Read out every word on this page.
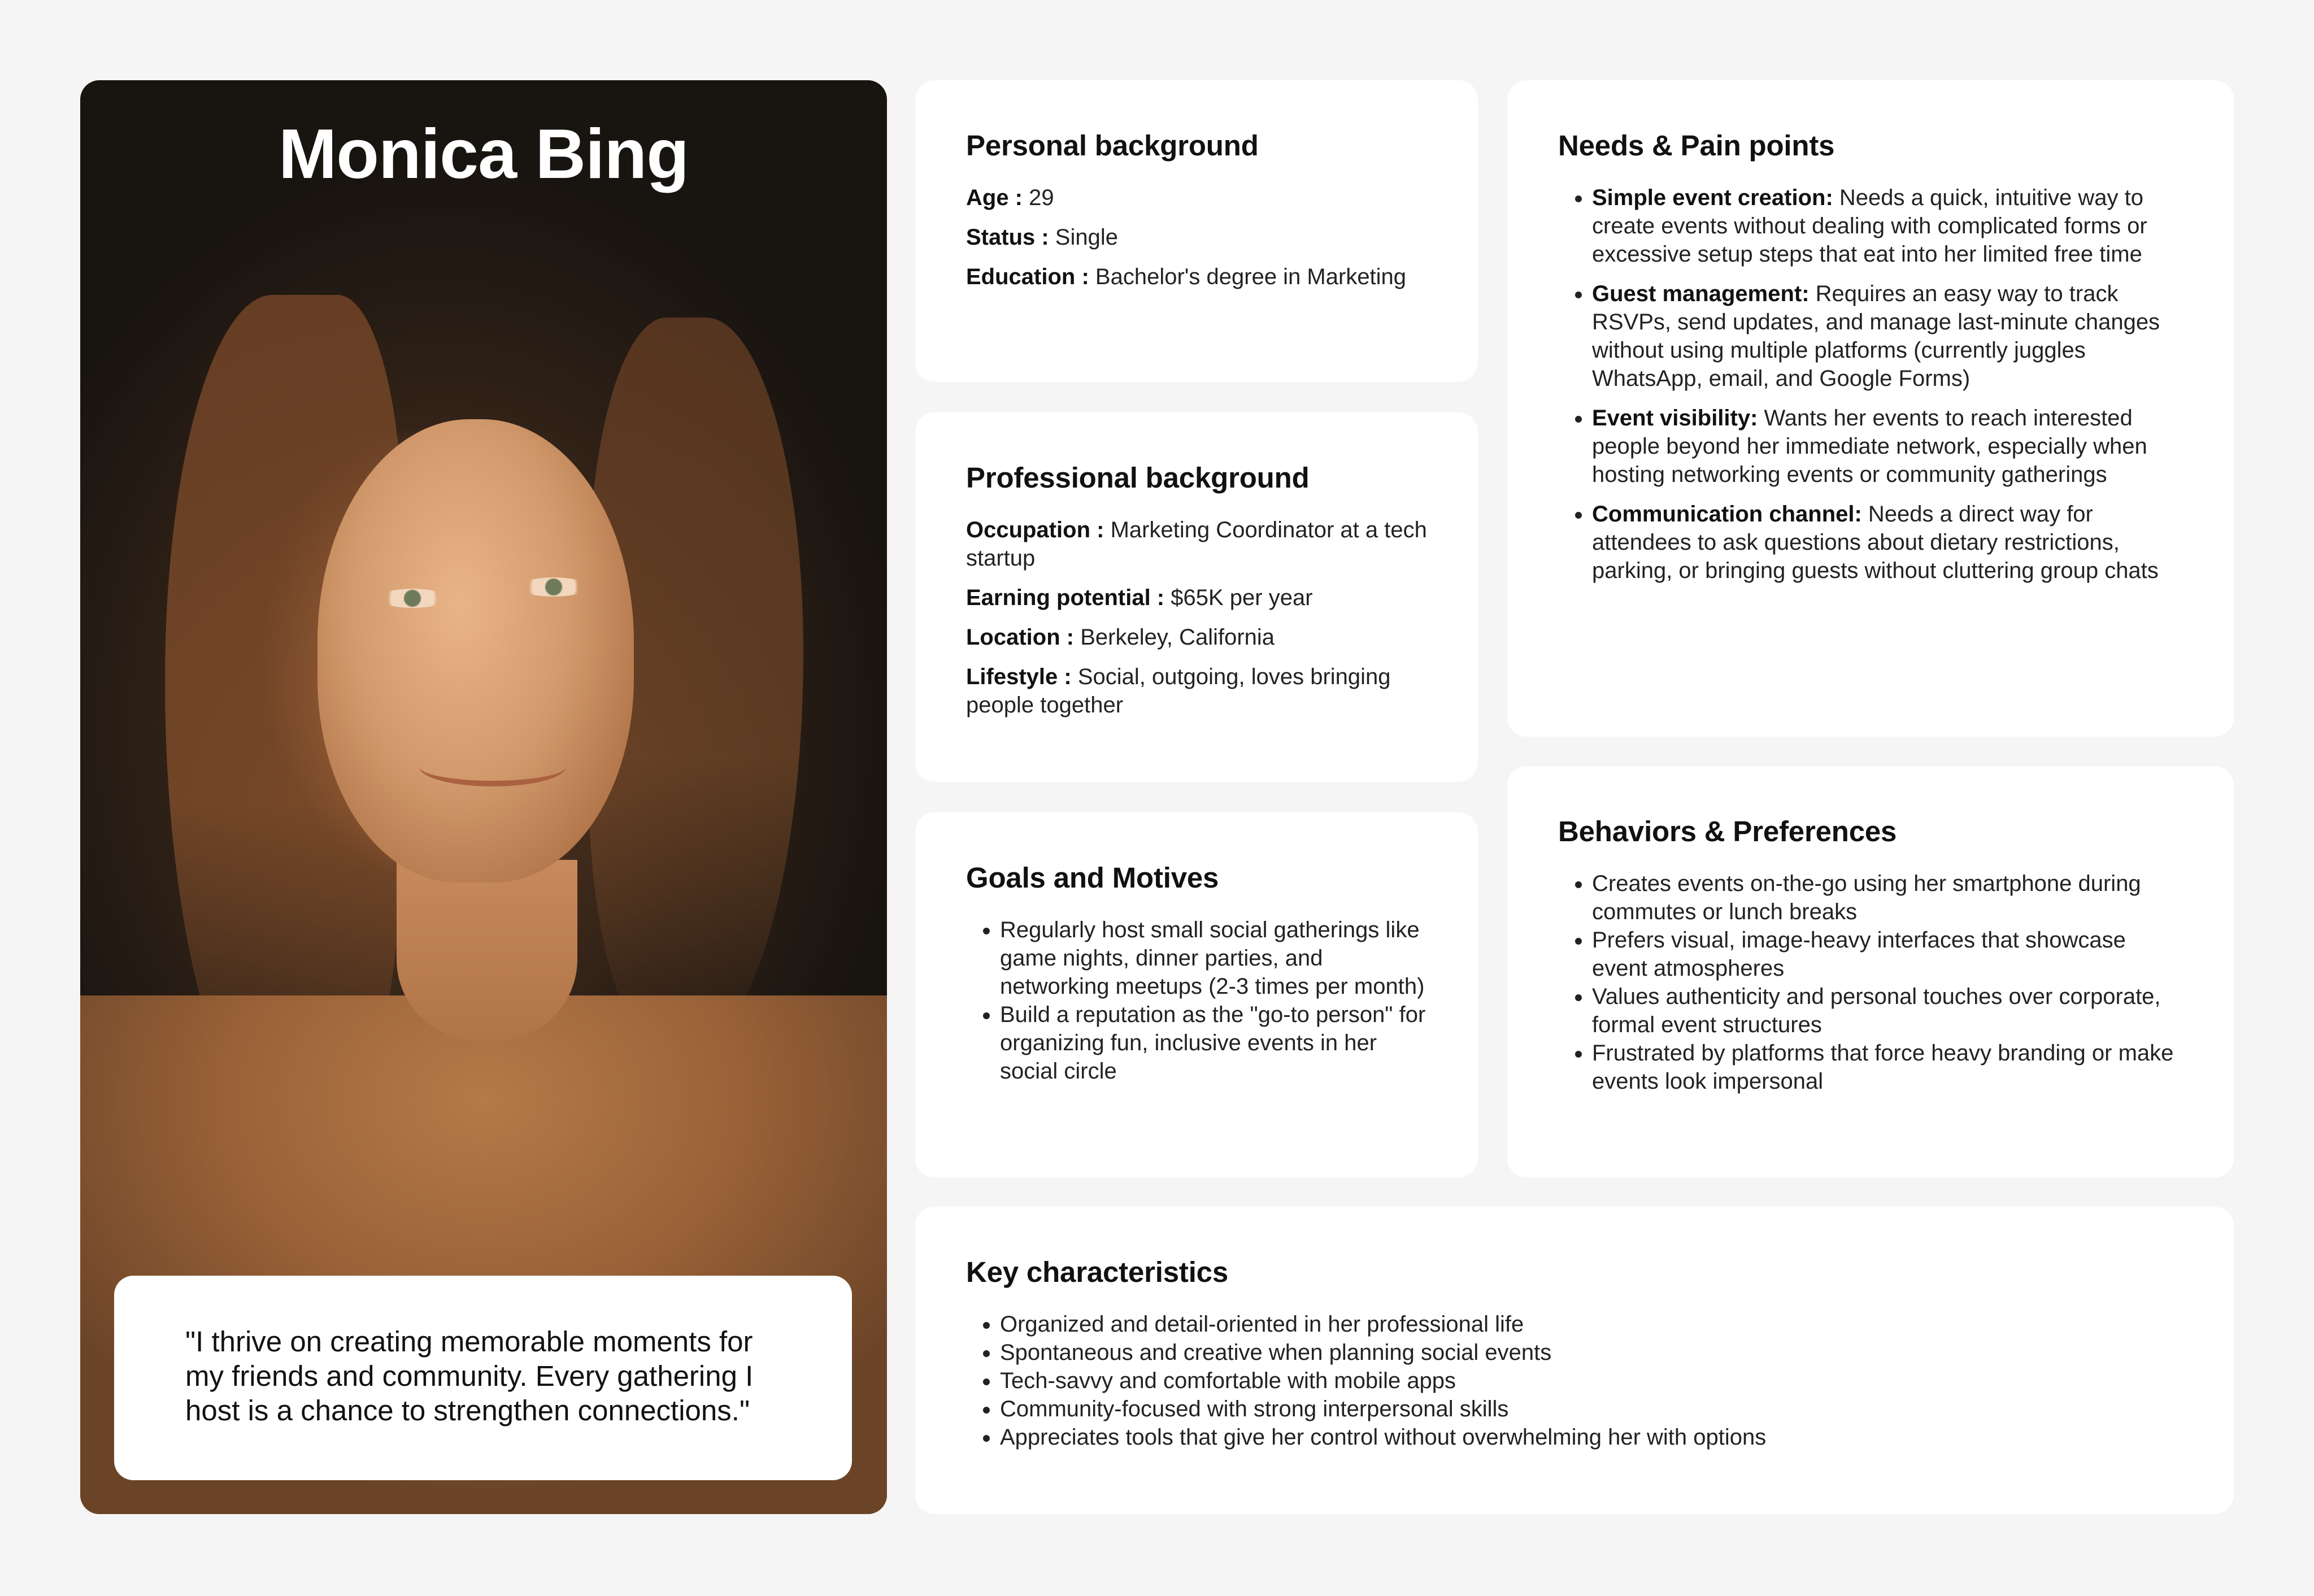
Monica Bing
"I thrive on creating memorable moments for my friends and community. Every gathering I host is a chance to strengthen connections."
Personal background
Age : 29
Status : Single
Education : Bachelor's degree in Marketing
Professional background
Occupation : Marketing Coordinator at a tech startup
Earning potential : $65K per year
Location : Berkeley, California
Lifestyle : Social, outgoing, loves bringing people together
Goals and Motives
• Regularly host small social gatherings like game nights, dinner parties, and networking meetups (2-3 times per month)
• Build a reputation as the "go-to person" for organizing fun, inclusive events in her social circle
Needs & Pain points
• Simple event creation: Needs a quick, intuitive way to create events without dealing with complicated forms or excessive setup steps that eat into her limited free time
• Guest management: Requires an easy way to track RSVPs, send updates, and manage last-minute changes without using multiple platforms (currently juggles WhatsApp, email, and Google Forms)
• Event visibility: Wants her events to reach interested people beyond her immediate network, especially when hosting networking events or community gatherings
• Communication channel: Needs a direct way for attendees to ask questions about dietary restrictions, parking, or bringing guests without cluttering group chats
Behaviors & Preferences
• Creates events on-the-go using her smartphone during commutes or lunch breaks
• Prefers visual, image-heavy interfaces that showcase event atmospheres
• Values authenticity and personal touches over corporate, formal event structures
• Frustrated by platforms that force heavy branding or make events look impersonal
Key characteristics
• Organized and detail-oriented in her professional life
• Spontaneous and creative when planning social events
• Tech-savvy and comfortable with mobile apps
• Community-focused with strong interpersonal skills
• Appreciates tools that give her control without overwhelming her with options
